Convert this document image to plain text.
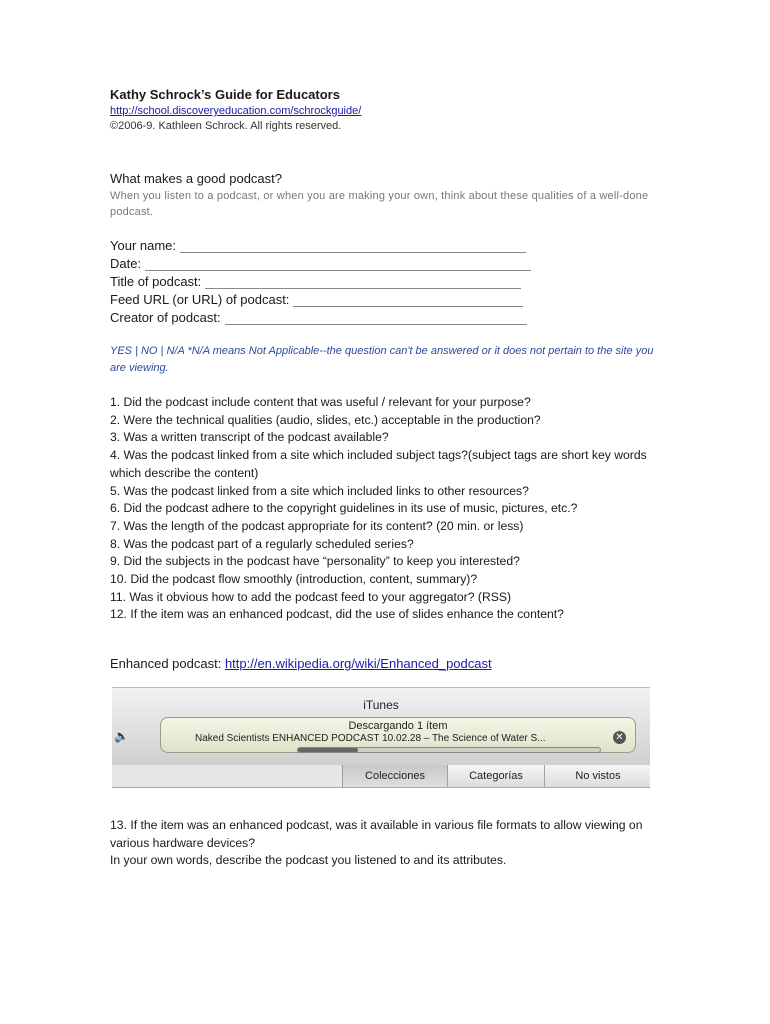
Kathy Schrock’s Guide for Educators
http://school.discoveryeducation.com/schrockguide/
©2006-9. Kathleen Schrock. All rights reserved.
What makes a good podcast?
When you listen to a podcast, or when you are making your own, think about these qualities of a well-done podcast.
Your name:
Date:
Title of podcast:
Feed URL (or URL) of podcast:
Creator of podcast:
YES | NO | N/A *N/A means Not Applicable--the question can't be answered or it does not pertain to the site you are viewing.
1. Did the podcast include content that was useful / relevant for your purpose?
2. Were the technical qualities (audio, slides, etc.) acceptable in the production?
3. Was a written transcript of the podcast available?
4. Was the podcast linked from a site which included subject tags?(subject tags are short key words which describe the content)
5. Was the podcast linked from a site which included links to other resources?
6. Did the podcast adhere to the copyright guidelines in its use of music, pictures, etc.?
7. Was the length of the podcast appropriate for its content? (20 min. or less)
8. Was the podcast part of a regularly scheduled series?
9. Did the subjects in the podcast have “personality” to keep you interested?
10. Did the podcast flow smoothly (introduction, content, summary)?
11. Was it obvious how to add the podcast feed to your aggregator? (RSS)
12. If the item was an enhanced podcast, did the use of slides enhance the content?
Enhanced podcast: http://en.wikipedia.org/wiki/Enhanced_podcast
13. If the item was an enhanced podcast, was it available in various file formats to allow viewing on various hardware devices?
In your own words, describe the podcast you listened to and its attributes.
iTunes
🔈
Descargando 1 ítem
Naked Scientists ENHANCED PODCAST 10.02.28 – The Science of Water S...	✕
Colecciones	Categorías	No vistos
